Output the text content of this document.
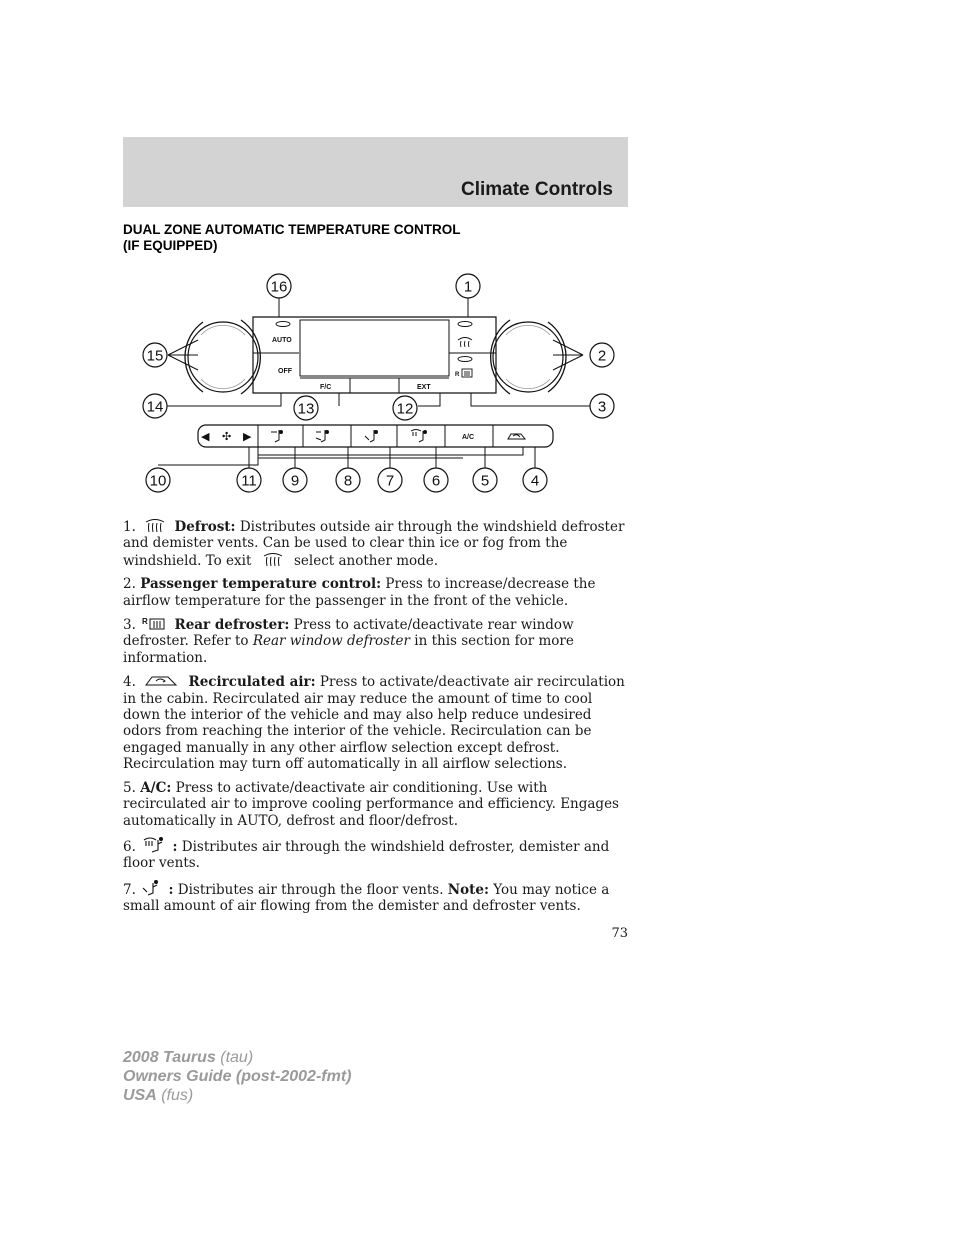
Climate Controls
DUAL ZONE AUTOMATIC TEMPERATURE CONTROL
(IF EQUIPPED)
AUTO
OFF
F/C	EXT
R
◀ ✣ ▶	A/C
16	1
15	2
14	13	12	3
10	11 9	8 7	6	5	4

1.	Defrost: Distributes outside air through the windshield defroster and demister vents. Can be used to clear thin ice or fog from the windshield. To exit	select another mode.

2. Passenger temperature control: Press to increase/decrease the airflow temperature for the passenger in the front of the vehicle.

3. R Rear defroster: Press to activate/deactivate rear window defroster. Refer to Rear window defroster in this section for more information.

4.	Recirculated air: Press to activate/deactivate air recirculation in the cabin. Recirculated air may reduce the amount of time to cool down the interior of the vehicle and may also help reduce undesired odors from reaching the interior of the vehicle. Recirculation can be engaged manually in any other airflow selection except defrost. Recirculation may turn off automatically in all airflow selections.

5. A/C: Press to activate/deactivate air conditioning. Use with recirculated air to improve cooling performance and efficiency. Engages automatically in AUTO, defrost and floor/defrost.

6.	: Distributes air through the windshield defroster, demister and floor vents.

7. : Distributes air through the floor vents. Note: You may notice a small amount of air flowing from the demister and defroster vents.

73
2008 Taurus (tau)
Owners Guide (post-2002-fmt)
USA (fus)
